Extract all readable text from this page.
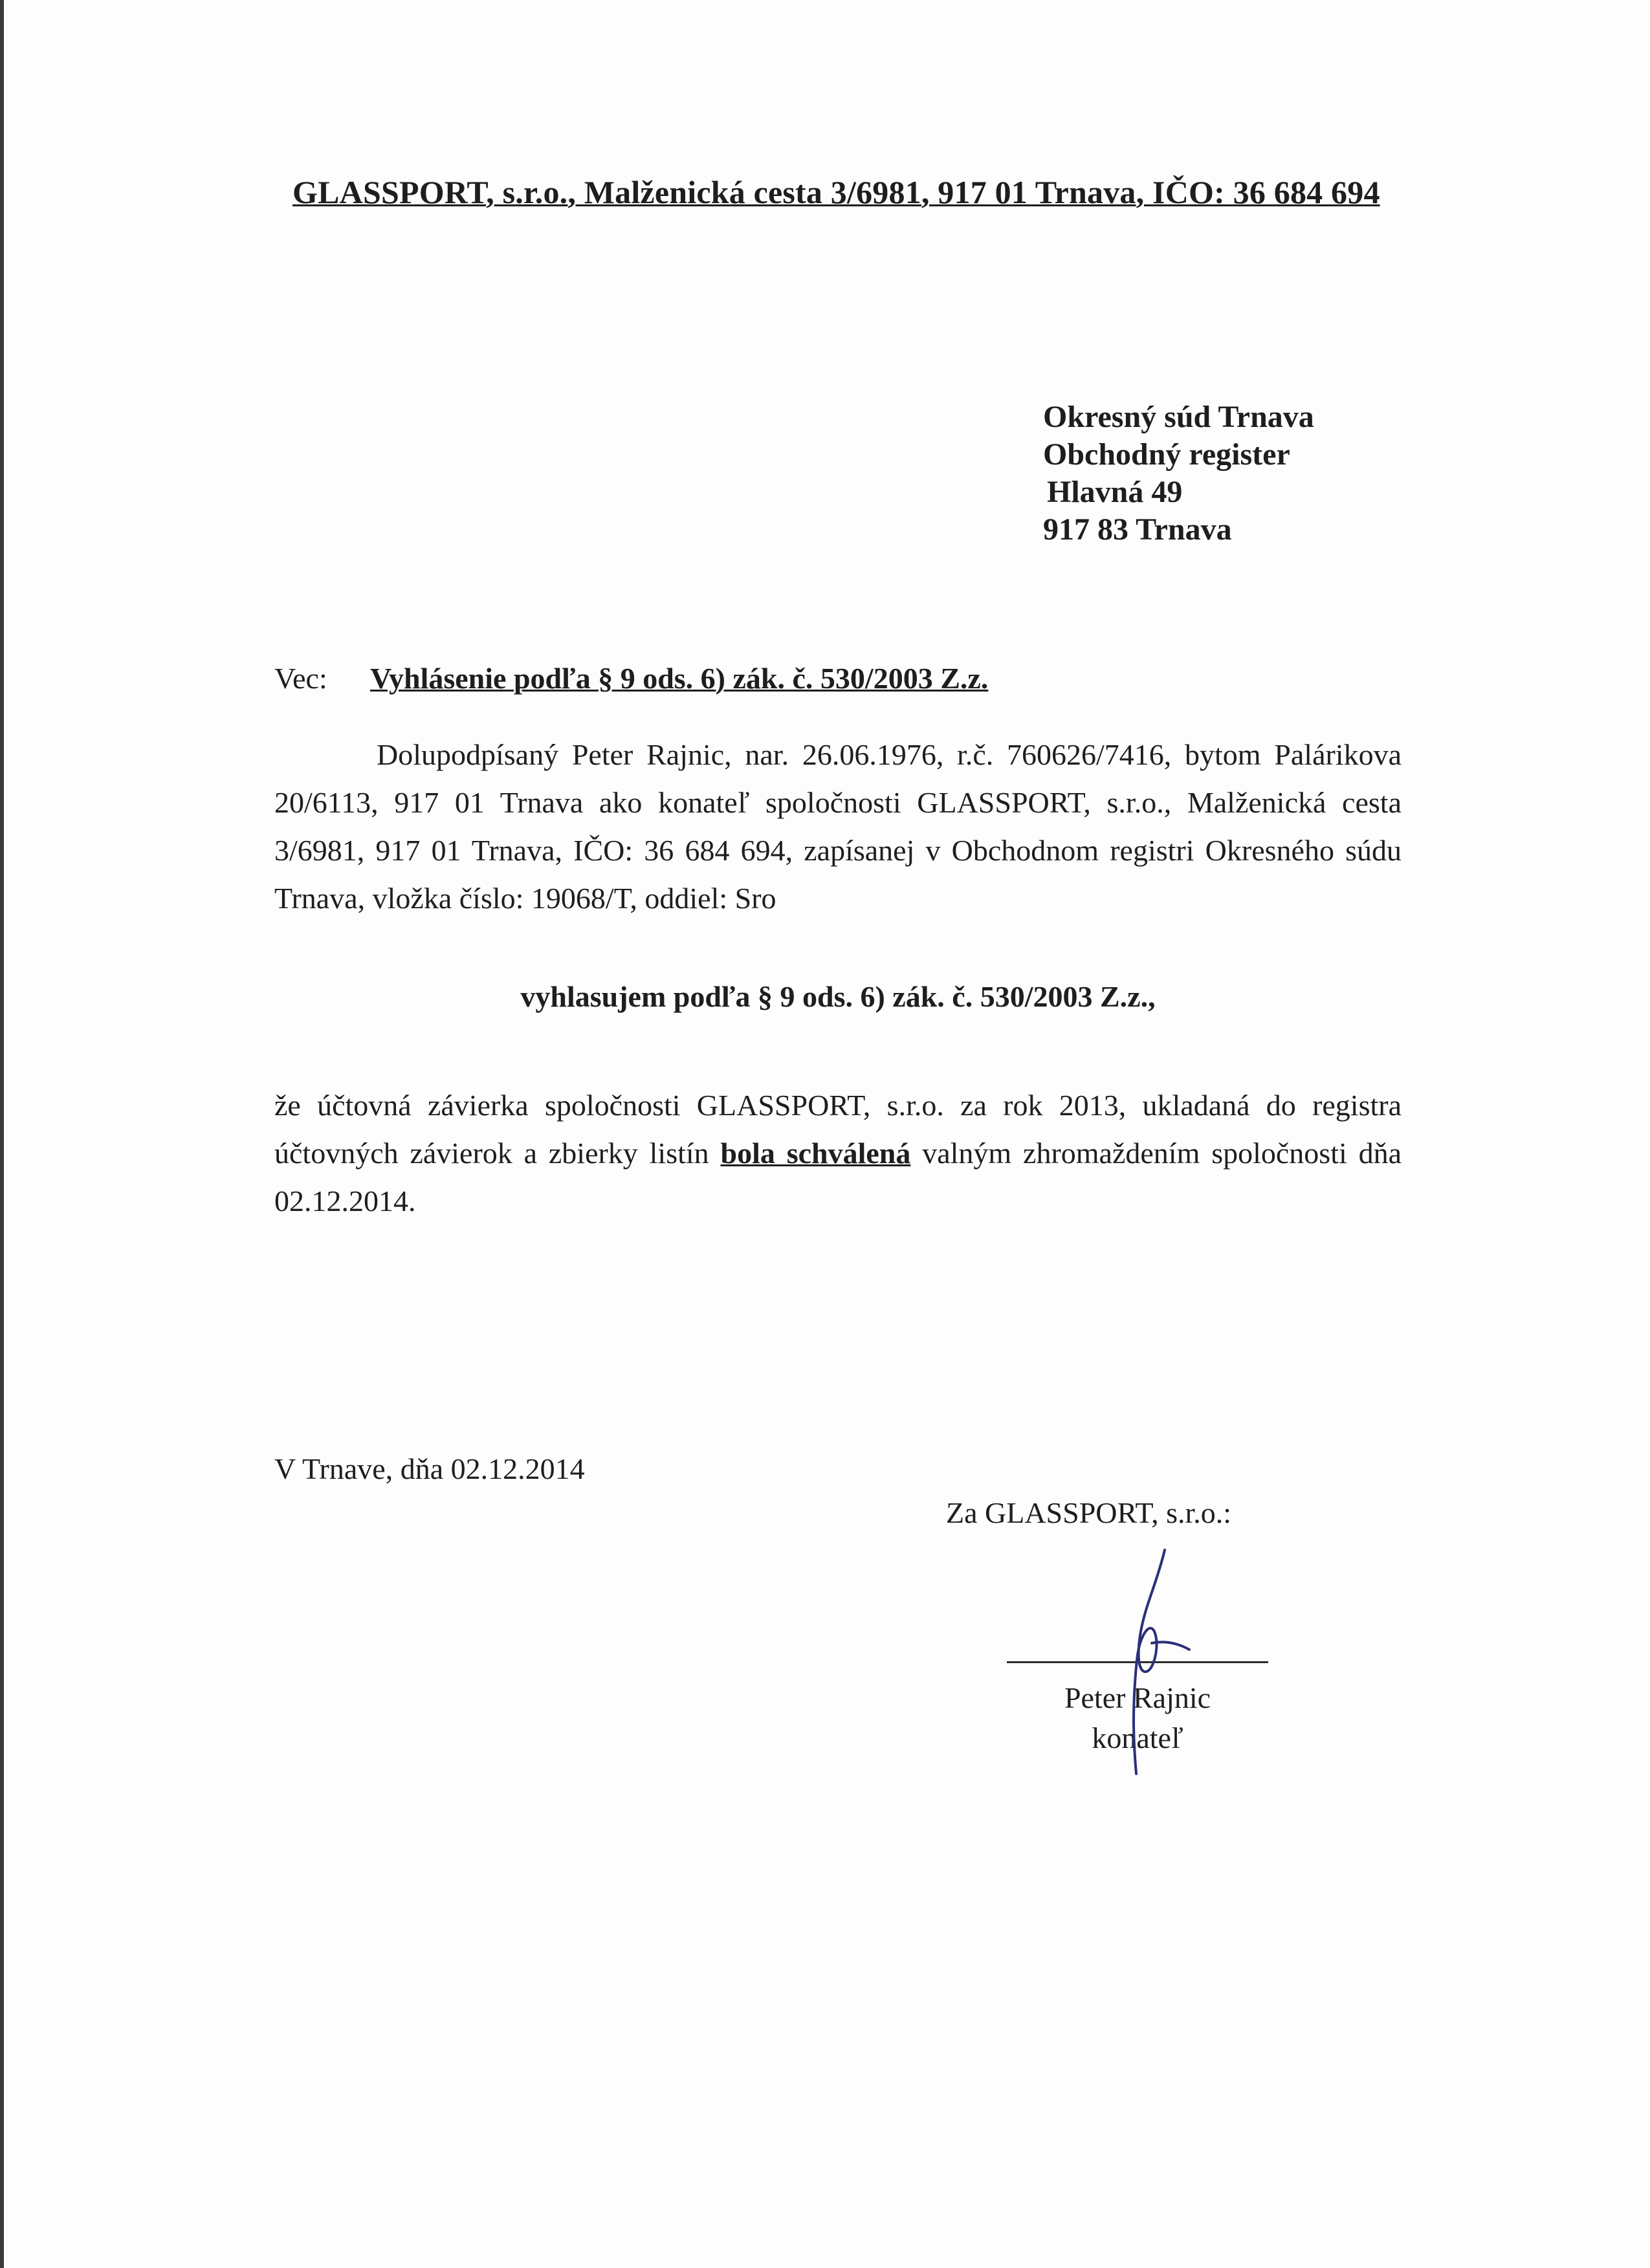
GLASSPORT, s.r.o., Malženická cesta 3/6981, 917 01 Trnava, IČO: 36 684 694
Okresný súd Trnava
Obchodný register
Hlavná 49
917 83 Trnava
Vec: Vyhlásenie podľa § 9 ods. 6) zák. č. 530/2003 Z.z.
Dolupodpísaný Peter Rajnic, nar. 26.06.1976, r.č. 760626/7416, bytom Palárikova 20/6113, 917 01 Trnava ako konateľ spoločnosti GLASSPORT, s.r.o., Malženická cesta 3/6981, 917 01 Trnava, IČO: 36 684 694, zapísanej v Obchodnom registri Okresného súdu Trnava, vložka číslo: 19068/T, oddiel: Sro
vyhlasujem podľa § 9 ods. 6) zák. č. 530/2003 Z.z.,
že účtovná závierka spoločnosti GLASSPORT, s.r.o. za rok 2013, ukladaná do registra účtovných závierok a zbierky listín bola schválená valným zhromaždením spoločnosti dňa 02.12.2014.
V Trnave, dňa 02.12.2014
Za GLASSPORT, s.r.o.:
Peter Rajnic
konateľ
